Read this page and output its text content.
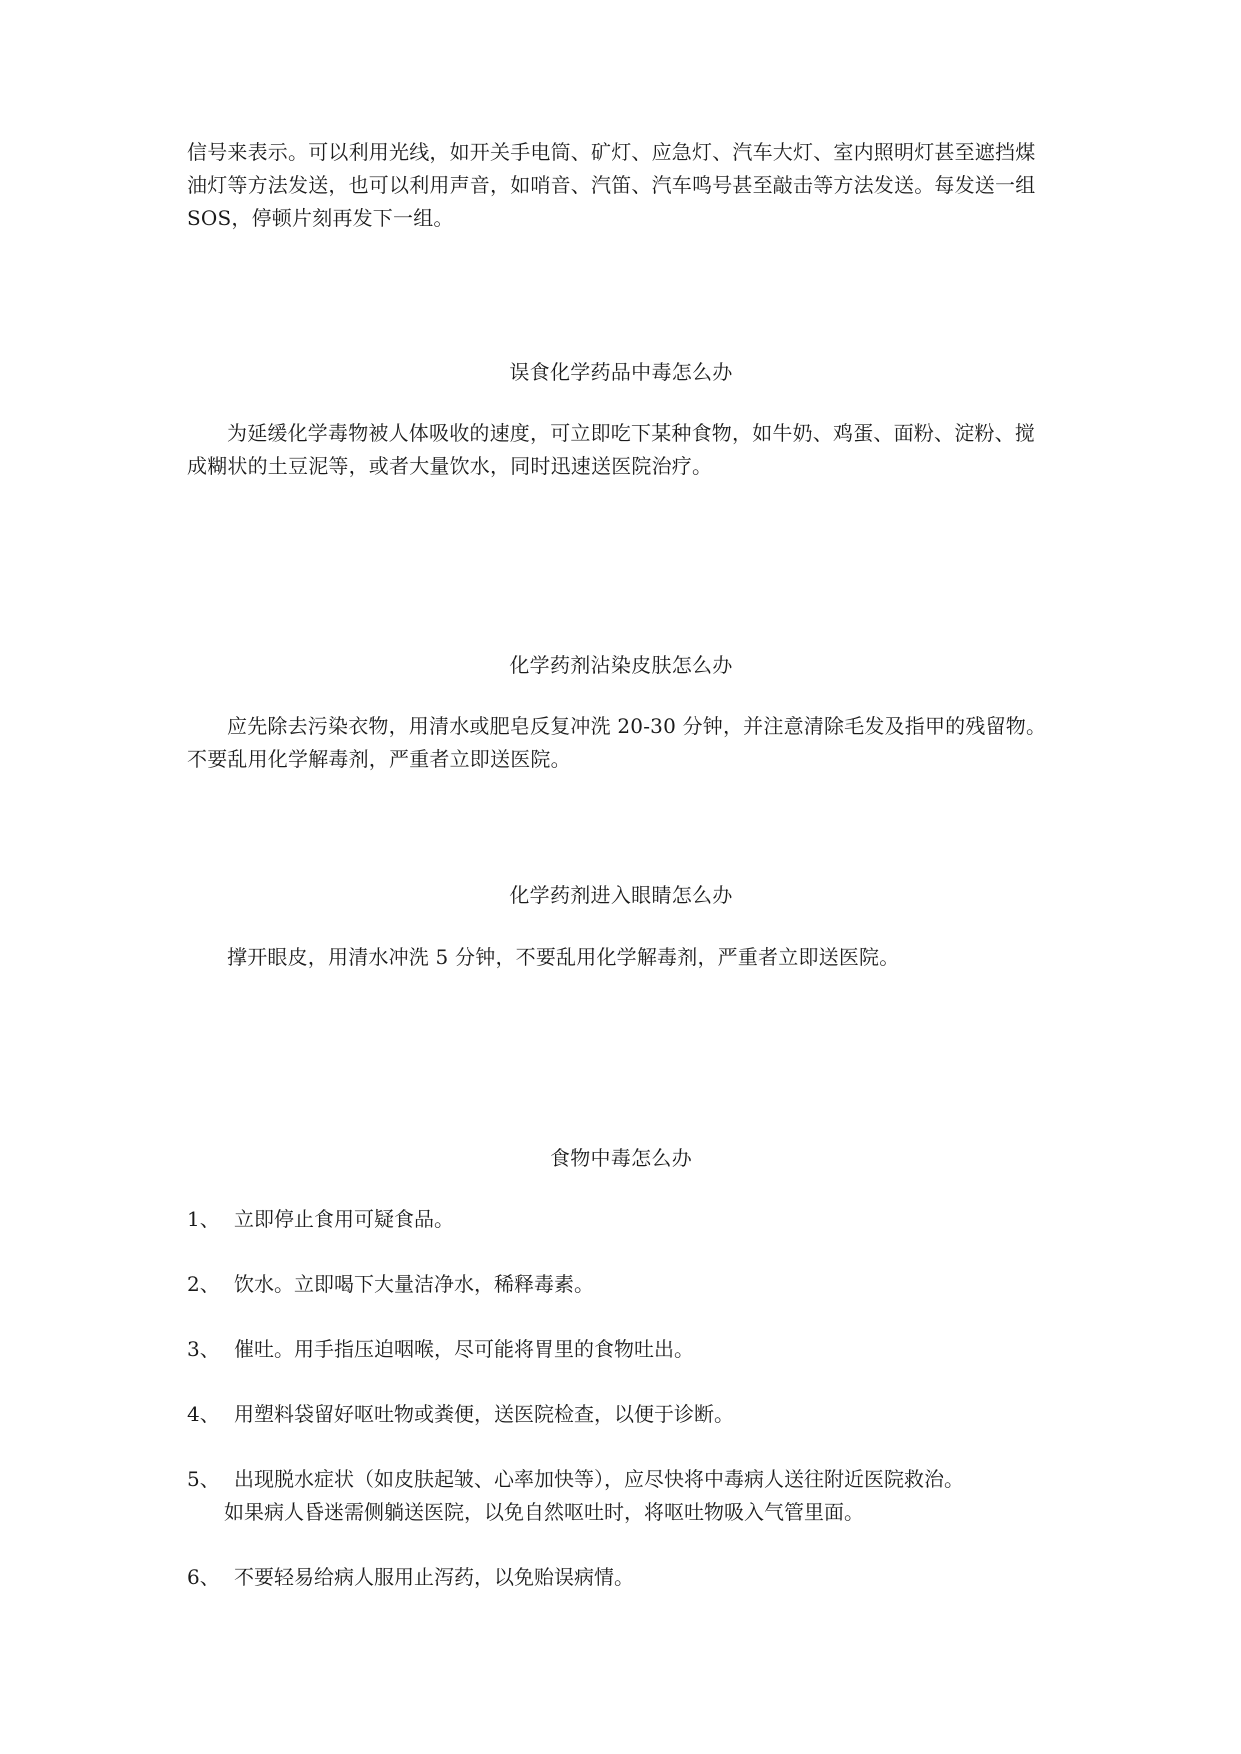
信号来表示。可以利用光线，如开关手电筒、矿灯、应急灯、汽车大灯、室内照明灯甚至遮挡煤油灯等方法发送，也可以利用声音，如哨音、汽笛、汽车鸣号甚至敲击等方法发送。每发送一组 SOS，停顿片刻再发下一组。
误食化学药品中毒怎么办
为延缓化学毒物被人体吸收的速度，可立即吃下某种食物，如牛奶、鸡蛋、面粉、淀粉、搅成糊状的土豆泥等，或者大量饮水，同时迅速送医院治疗。
化学药剂沾染皮肤怎么办
应先除去污染衣物，用清水或肥皂反复冲洗 20-30 分钟，并注意清除毛发及指甲的残留物。不要乱用化学解毒剂，严重者立即送医院。
化学药剂进入眼睛怎么办
撑开眼皮，用清水冲洗 5 分钟，不要乱用化学解毒剂，严重者立即送医院。
食物中毒怎么办
1、 立即停止食用可疑食品。
2、 饮水。立即喝下大量洁净水，稀释毒素。
3、 催吐。用手指压迫咽喉，尽可能将胃里的食物吐出。
4、 用塑料袋留好呕吐物或粪便，送医院检查，以便于诊断。
5、 出现脱水症状（如皮肤起皱、心率加快等），应尽快将中毒病人送往附近医院救治。
如果病人昏迷需侧躺送医院，以免自然呕吐时，将呕吐物吸入气管里面。
6、 不要轻易给病人服用止泻药，以免贻误病情。
